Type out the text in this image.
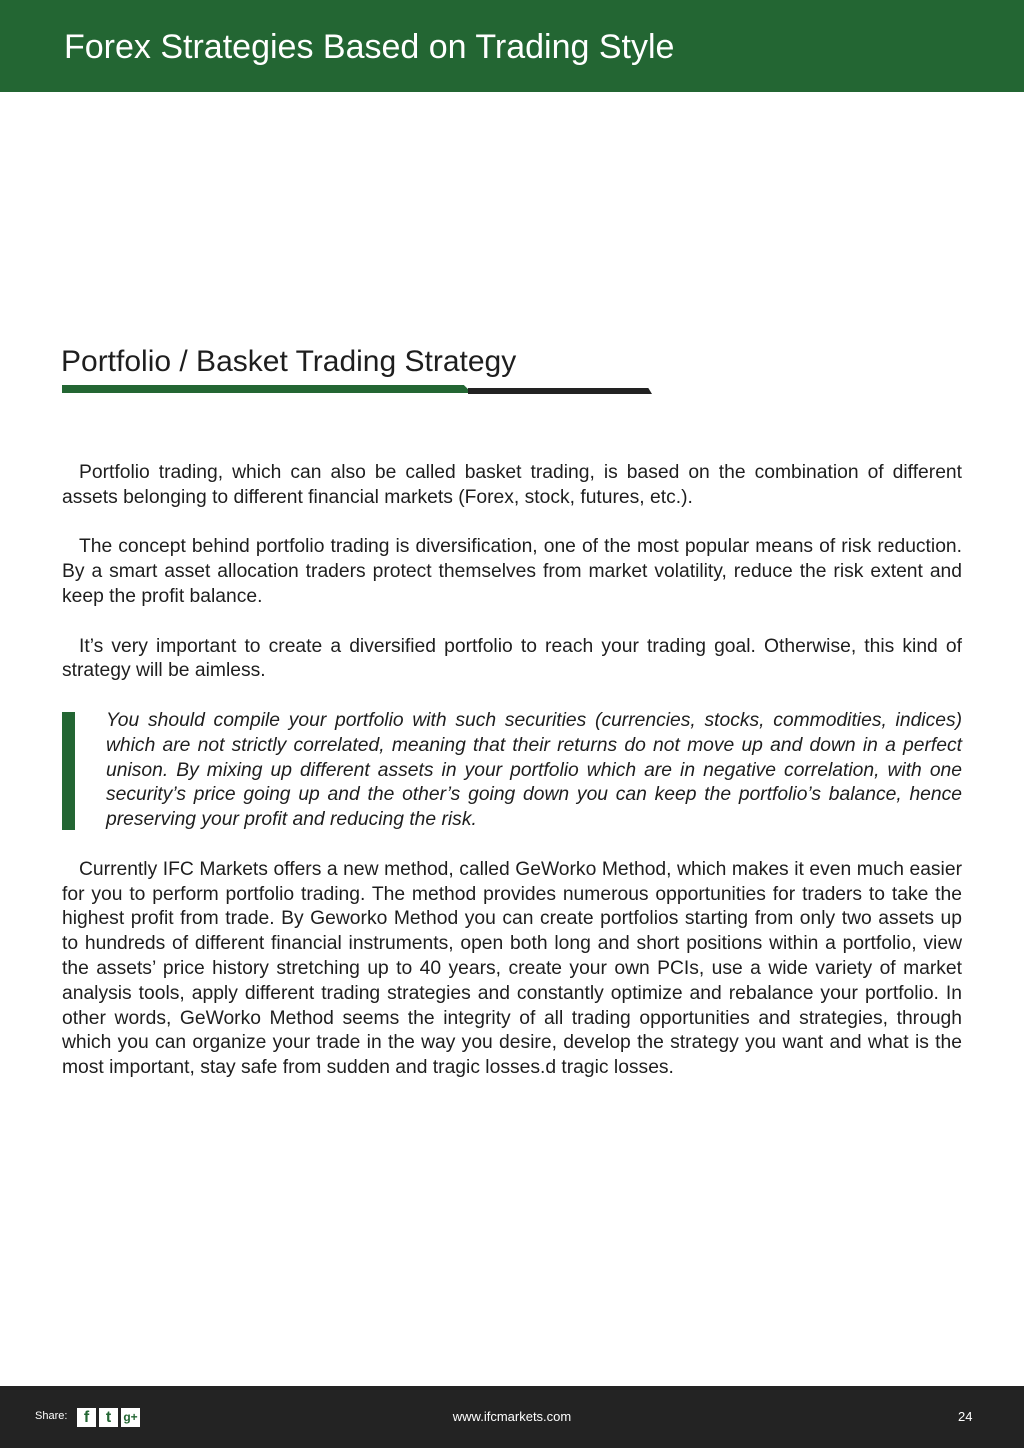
Forex Strategies Based on Trading Style
Portfolio / Basket Trading Strategy

Portfolio trading, which can also be called basket trading, is based on the combination of different assets belonging to different financial markets (Forex, stock, futures, etc.).

The concept behind portfolio trading is diversification, one of the most popular means of risk reduction. By a smart asset allocation traders protect themselves from market volatility, reduce the risk extent and keep the profit balance.

It’s very important to create a diversified portfolio to reach your trading goal. Otherwise, this kind of strategy will be aimless.

You should compile your portfolio with such securities (currencies, stocks, commodities, indices) which are not strictly correlated, meaning that their returns do not move up and down in a perfect unison. By mixing up different assets in your portfolio which are in negative correlation, with one security’s price going up and the other’s going down you can keep the portfolio’s balance, hence preserving your profit and reducing the risk.

Currently IFC Markets offers a new method, called GeWorko Method, which makes it even much easier for you to perform portfolio trading. The method provides numerous opportunities for traders to take the highest profit from trade. By Geworko Method you can create portfolios starting from only two assets up to hundreds of different financial instruments, open both long and short positions within a portfolio, view the assets’ price history stretching up to 40 years, create your own PCIs, use a wide variety of market analysis tools, apply different trading strategies and constantly optimize and rebalance your portfolio. In other words, GeWorko Method seems the integrity of all trading opportunities and strategies, through which you can organize your trade in the way you desire, develop the strategy you want and what is the most important, stay safe from sudden and tragic losses.d tragic losses.

Share:	f	t	g+	www.ifcmarkets.com	24
